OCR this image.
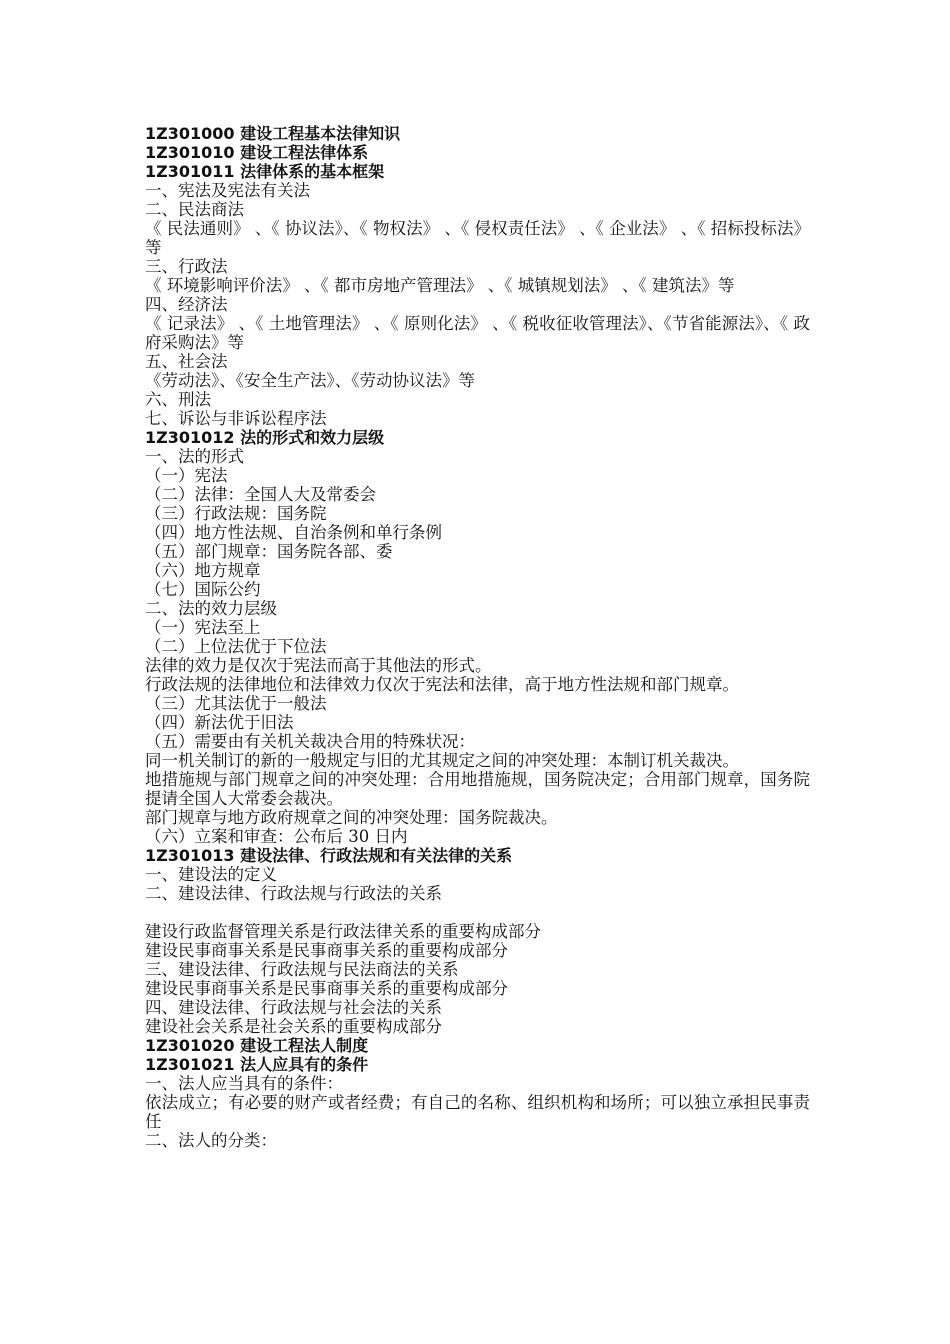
1Z301000 建设工程基本法律知识
1Z301010 建设工程法律体系
1Z301011 法律体系的基本框架
一、宪法及宪法有关法
二、民法商法
《 民法通则》 、《 协议法》、《 物权法》 、《 侵权责任法》 、《 企业法》 、《 招标投标法》等
三、行政法
《 环境影响评价法》 、《 都市房地产管理法》 、《 城镇规划法》 、《 建筑法》等
四、经济法
《 记录法》 、《 土地管理法》 、《 原则化法》 、《 税收征收管理法》、《节省能源法》、《 政府采购法》等
五、社会法
《劳动法》、《安全生产法》、《劳动协议法》等
六、刑法
七、诉讼与非诉讼程序法
1Z301012 法的形式和效力层级
一、法的形式
（一）宪法
（二）法律：全国人大及常委会
（三）行政法规：国务院
（四）地方性法规、自治条例和单行条例
（五）部门规章：国务院各部、委
（六）地方规章
（七）国际公约
二、法的效力层级
（一）宪法至上
（二）上位法优于下位法
法律的效力是仅次于宪法而高于其他法的形式。
行政法规的法律地位和法律效力仅次于宪法和法律，高于地方性法规和部门规章。
（三）尤其法优于一般法
（四）新法优于旧法
（五）需要由有关机关裁决合用的特殊状况：
同一机关制订的新的一般规定与旧的尤其规定之间的冲突处理：本制订机关裁决。
地措施规与部门规章之间的冲突处理：合用地措施规，国务院决定；合用部门规章，国务院提请全国人大常委会裁决。
部门规章与地方政府规章之间的冲突处理：国务院裁决。
（六）立案和审查：公布后 30 日内
1Z301013 建设法律、行政法规和有关法律的关系
一、建设法的定义
二、建设法律、行政法规与行政法的关系
建设行政监督管理关系是行政法律关系的重要构成部分
建设民事商事关系是民事商事关系的重要构成部分
三、建设法律、行政法规与民法商法的关系
建设民事商事关系是民事商事关系的重要构成部分
四、建设法律、行政法规与社会法的关系
建设社会关系是社会关系的重要构成部分
1Z301020 建设工程法人制度
1Z301021 法人应具有的条件
一、法人应当具有的条件：
依法成立；有必要的财产或者经费；有自己的名称、组织机构和场所；可以独立承担民事责任
二、法人的分类：
